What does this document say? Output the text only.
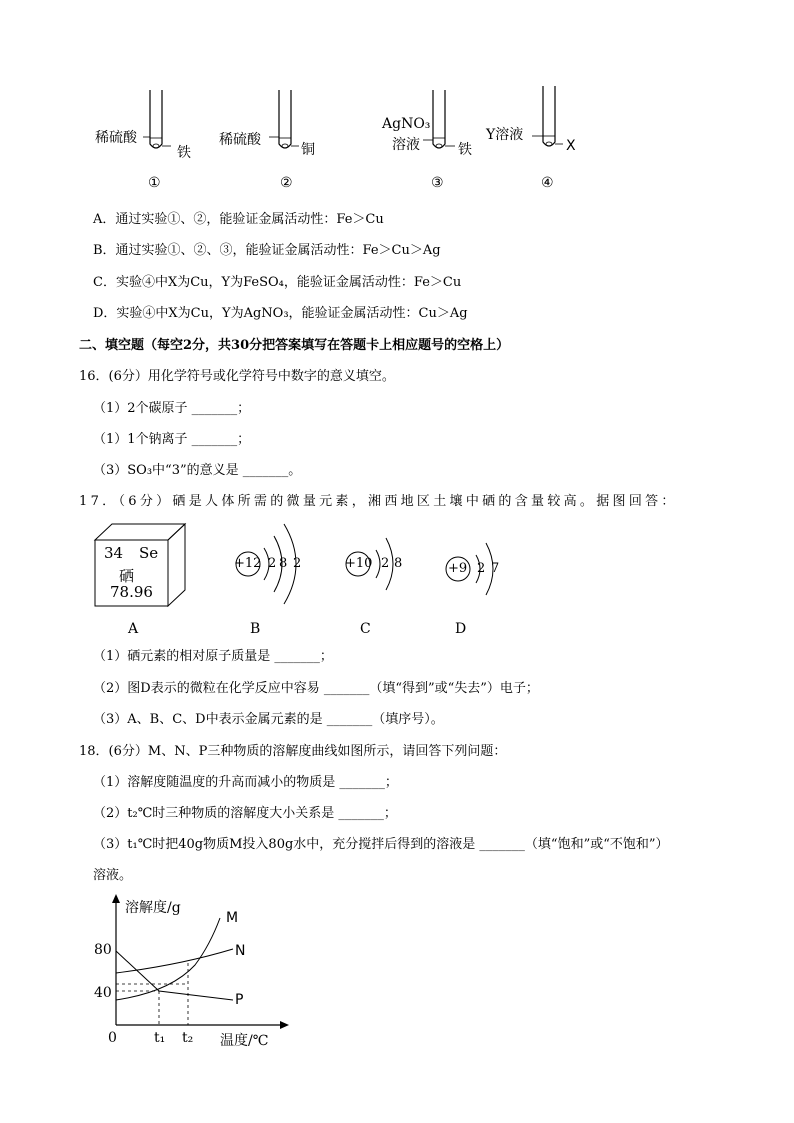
稀硫酸
铁
①
稀硫酸
铜
②
AgNO₃
溶液	铁
③
Y溶液
X
④
A．通过实验①、②，能验证金属活动性：Fe＞Cu
B．通过实验①、②、③，能验证金属活动性：Fe＞Cu＞Ag
C．实验④中X为Cu，Y为FeSO₄，能验证金属活动性：Fe＞Cu
D．实验④中X为Cu，Y为AgNO₃，能验证金属活动性：Cu＞Ag
二、填空题（每空2分，共30分把答案填写在答题卡上相应题号的空格上）
16．(6分）用化学符号或化学符号中数字的意义填空。
（1）2个碳原子 _______；
（1）1个钠离子 _______；
（3）SO₃中“3”的意义是 _______。
17．（6分）硒是人体所需的微量元素，湘西地区土壤中硒的含量较高。据图回答：
34 Se
硒
78.96
+12 2 8 2	+10 2 8	+9 2 7
A	B	C	D
（1）硒元素的相对原子质量是 _______；
（2）图D表示的微粒在化学反应中容易 _______（填“得到”或“失去”）电子；
（3）A、B、C、D中表示金属元素的是 _______（填序号）。
18．(6分）M、N、P三种物质的溶解度曲线如图所示，请回答下列问题：
（1）溶解度随温度的升高而减小的物质是 _______；
（2）t₂℃时三种物质的溶解度大小关系是 _______；
（3）t₁℃时把40g物质M投入80g水中，充分搅拌后得到的溶液是 _______（填“饱和”或“不饱和”）
溶液。
溶解度/g
80
40
0	t₁ t₂ 温度/℃
M
N
P
